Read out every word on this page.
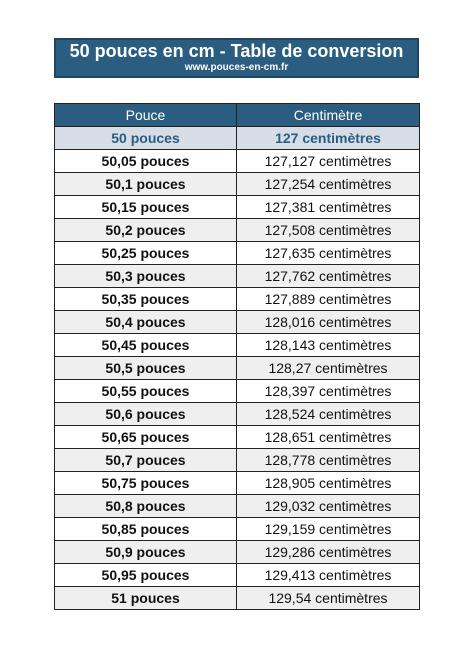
50 pouces en cm - Table de conversion
www.pouces-en-cm.fr
Pouce	Centimètre
50 pouces	127 centimètres
50,05 pouces	127,127 centimètres
50,1 pouces	127,254 centimètres
50,15 pouces	127,381 centimètres
50,2 pouces	127,508 centimètres
50,25 pouces	127,635 centimètres
50,3 pouces	127,762 centimètres
50,35 pouces	127,889 centimètres
50,4 pouces	128,016 centimètres
50,45 pouces	128,143 centimètres
50,5 pouces	128,27 centimètres
50,55 pouces	128,397 centimètres
50,6 pouces	128,524 centimètres
50,65 pouces	128,651 centimètres
50,7 pouces	128,778 centimètres
50,75 pouces	128,905 centimètres
50,8 pouces	129,032 centimètres
50,85 pouces	129,159 centimètres
50,9 pouces	129,286 centimètres
50,95 pouces	129,413 centimètres
51 pouces	129,54 centimètres
